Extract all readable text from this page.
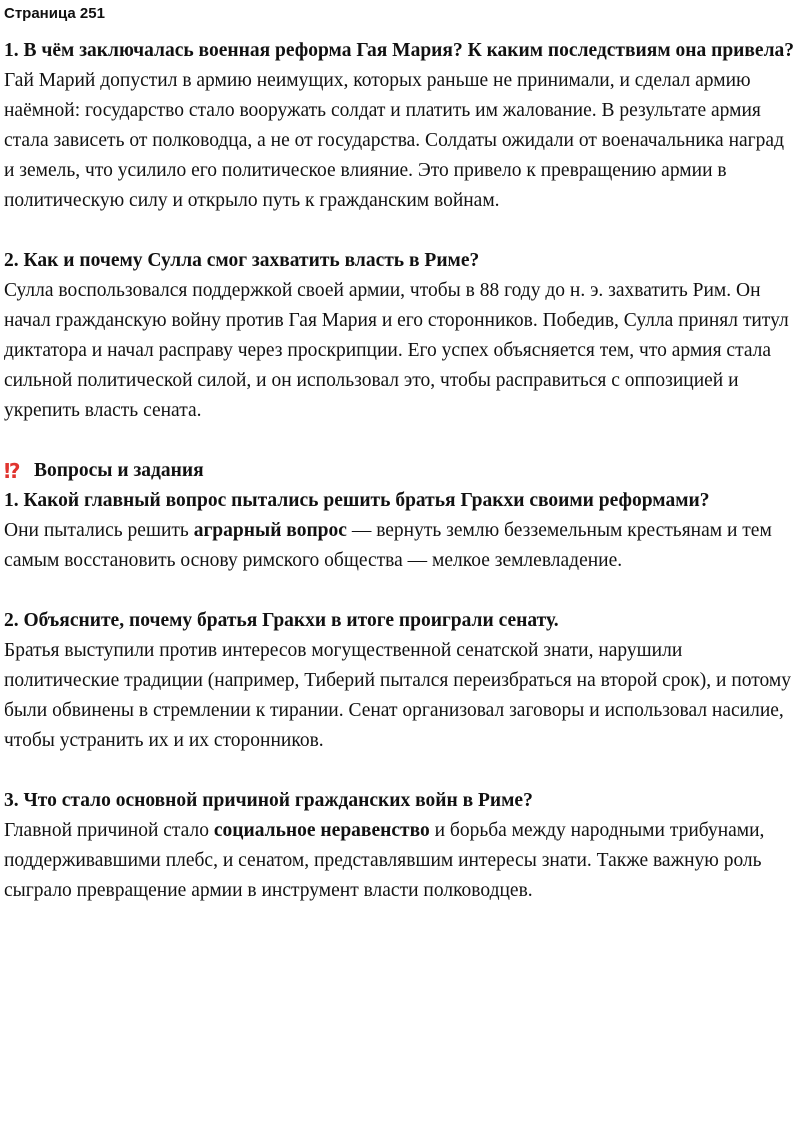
Страница 251
1. В чём заключалась военная реформа Гая Мария? К каким последствиям она привела?

Гай Марий допустил в армию неимущих, которых раньше не принимали, и сделал армию наёмной: государство стало вооружать солдат и платить им жалование. В результате армия стала зависеть от полководца, а не от государства. Солдаты ожидали от военачальника наград и земель, что усилило его политическое влияние. Это привело к превращению армии в политическую силу и открыло путь к гражданским войнам.

2. Как и почему Сулла смог захватить власть в Риме?

Сулла воспользовался поддержкой своей армии, чтобы в 88 году до н. э. захватить Рим. Он начал гражданскую войну против Гая Мария и его сторонников. Победив, Сулла принял титул диктатора и начал расправу через проскрипции. Его успех объясняется тем, что армия стала сильной политической силой, и он использовал это, чтобы расправиться с оппозицией и укрепить власть сената.

⁉ Вопросы и задания
1. Какой главный вопрос пытались решить братья Гракхи своими реформами?

Они пытались решить аграрный вопрос — вернуть землю безземельным крестьянам и тем самым восстановить основу римского общества — мелкое землевладение.

2. Объясните, почему братья Гракхи в итоге проиграли сенату.

Братья выступили против интересов могущественной сенатской знати, нарушили политические традиции (например, Тиберий пытался переизбраться на второй срок), и потому были обвинены в стремлении к тирании. Сенат организовал заговоры и использовал насилие, чтобы устранить их и их сторонников.

3. Что стало основной причиной гражданских войн в Риме?

Главной причиной стало социальное неравенство и борьба между народными трибунами, поддерживавшими плебс, и сенатом, представлявшим интересы знати. Также важную роль сыграло превращение армии в инструмент власти полководцев.
